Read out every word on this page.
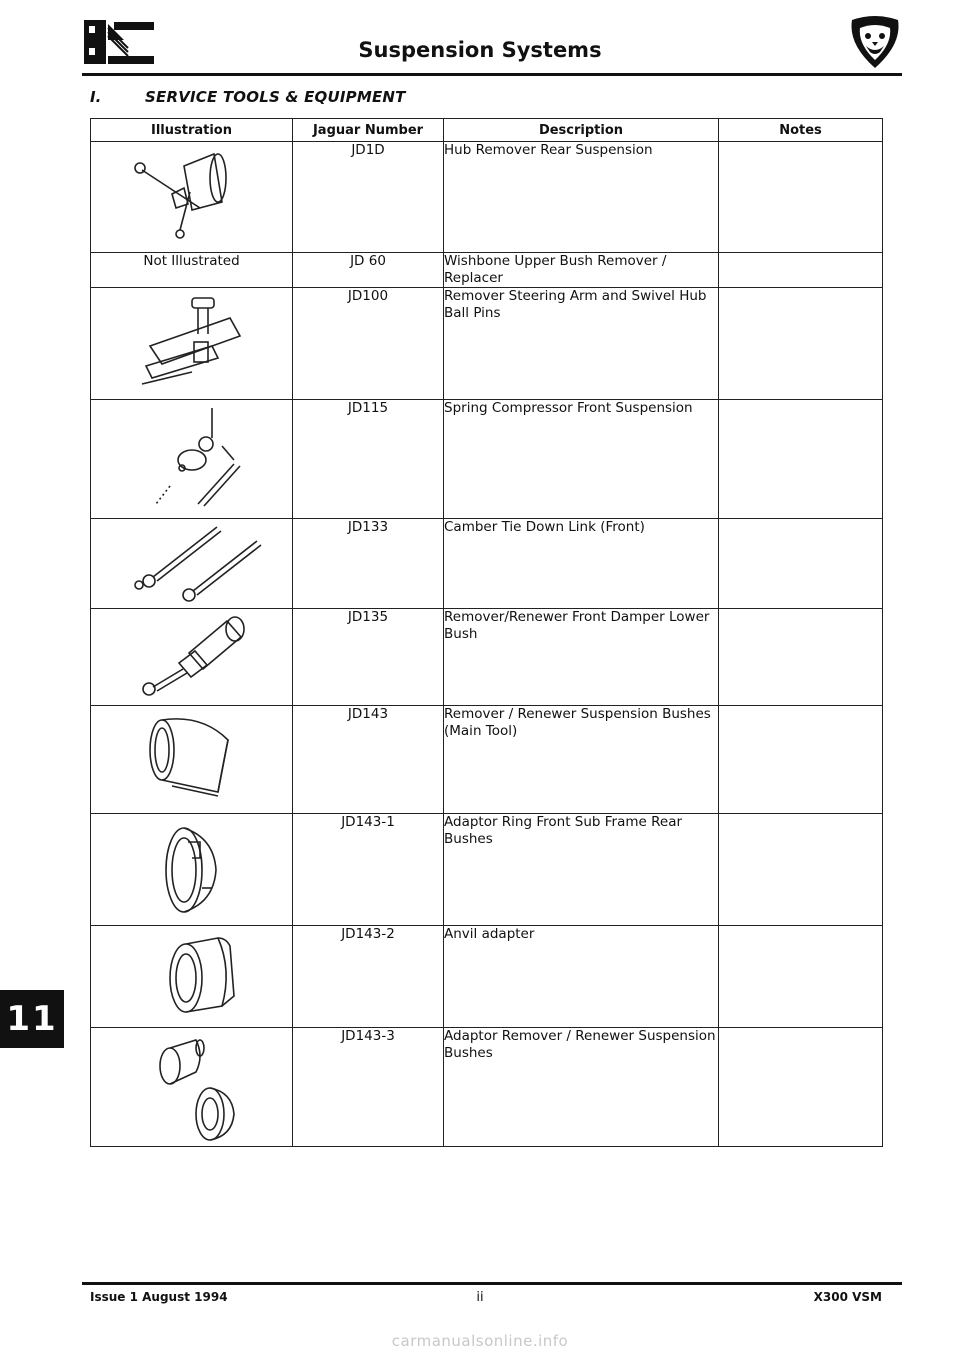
Suspension Systems
I.	SERVICE TOOLS & EQUIPMENT
Illustration	Jaguar Number	Description	Notes

	JD1D	Hub Remover Rear Suspension	
Not Illustrated	JD 60	Wishbone Upper Bush Remover / Replacer	

	JD100	Remover Steering Arm and Swivel Hub Ball Pins	

	JD115	Spring Compressor Front Suspension	

	JD133	Camber Tie Down Link (Front)	

	JD135	Remover/Renewer Front Damper Lower Bush	

	JD143	Remover / Renewer Suspension Bushes (Main Tool)	

	JD143-1	Adaptor Ring Front Sub Frame Rear Bushes	

	JD143-2	Anvil adapter	

	JD143-3	Adaptor Remover / Renewer Suspension Bushes	
11
Issue 1 August 1994	ii	X300 VSM
carmanualsonline.info
